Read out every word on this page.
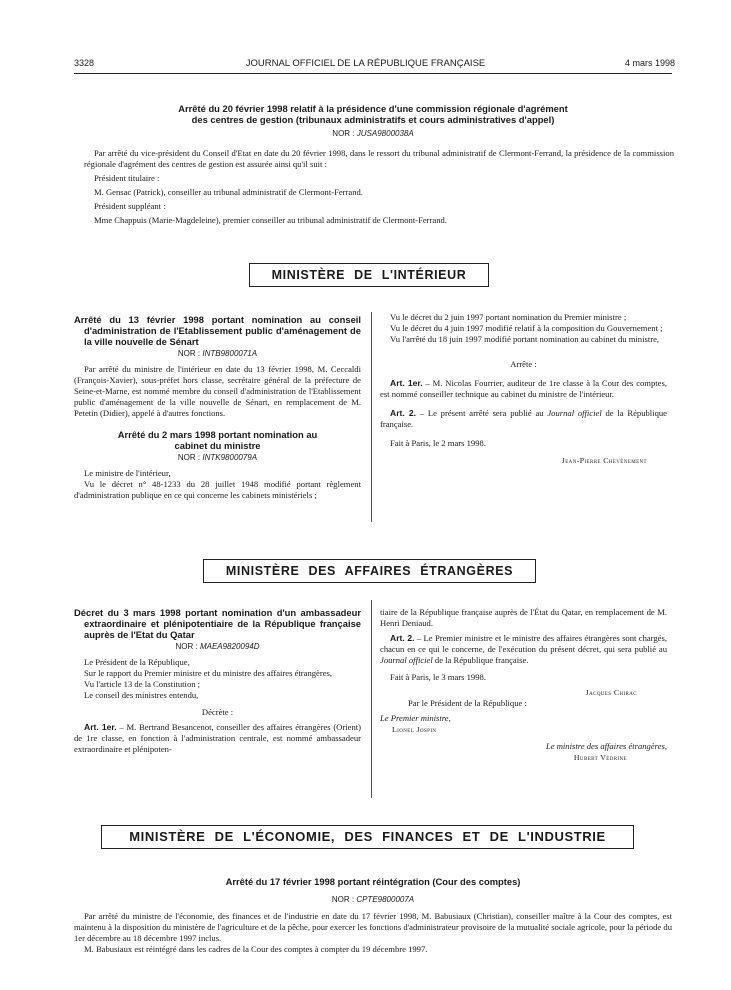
3328	JOURNAL OFFICIEL DE LA RÉPUBLIQUE FRANÇAISE	4 mars 1998
Arrêté du 20 février 1998 relatif à la présidence d'une commission régionale d'agrément
des centres de gestion (tribunaux administratifs et cours administratives d'appel)
NOR : JUSA9800038A

Par arrêté du vice-président du Conseil d'Etat en date du 20 février 1998, dans le ressort du tribunal administratif de Clermont-Ferrand, la présidence de la commission régionale d'agrément des centres de gestion est assurée ainsi qu'il suit :

Président titulaire :

M. Gensac (Patrick), conseiller au tribunal administratif de Clermont-Ferrand.

Président suppléant :

Mme Chappuis (Marie-Magdeleine), premier conseiller au tribunal administratif de Clermont-Ferrand.

MINISTÈRE DE L'INTÉRIEUR
Arrêté du 13 février 1998 portant nomination au conseil d'administration de l'Etablissement public d'aménagement de la ville nouvelle de Sénart
NOR : INTB9800071A

Par arrêté du ministre de l'intérieur en date du 13 février 1998, M. Ceccaldi (François-Xavier), sous-préfet hors classe, secrétaire général de la préfecture de Seine-et-Marne, est nommé membre du conseil d'administration de l'Etablissement public d'aménagement de la ville nouvelle de Sénart, en remplacement de M. Petetin (Didier), appelé à d'autres fonctions.

Arrêté du 2 mars 1998 portant nomination au cabinet du ministre
NOR : INTK9800079A

Le ministre de l'intérieur,

Vu le décret n° 48-1233 du 28 juillet 1948 modifié portant règlement d'administration publique en ce qui concerne les cabinets ministériels ;

Vu le décret du 2 juin 1997 portant nomination du Premier ministre ;

Vu le décret du 4 juin 1997 modifié relatif à la composition du Gouvernement ;

Vu l'arrêté du 18 juin 1997 modifié portant nomination au cabinet du ministre,

Arrête :

Art. 1er. – M. Nicolas Fourrier, auditeur de 1re classe à la Cour des comptes, est nommé conseiller technique au cabinet du ministre de l'intérieur.

Art. 2. – Le présent arrêté sera publié au Journal officiel de la République française.

Fait à Paris, le 2 mars 1998.

Jean-Pierre Chevènement

MINISTÈRE DES AFFAIRES ÉTRANGÈRES
Décret du 3 mars 1998 portant nomination d'un ambassadeur extraordinaire et plénipotentiaire de la République française auprès de l'Etat du Qatar
NOR : MAEA9820094D

Le Président de la République,

Sur le rapport du Premier ministre et du ministre des affaires étrangères,

Vu l'article 13 de la Constitution ;

Le conseil des ministres entendu,

Décrète :

Art. 1er. – M. Bertrand Besancenot, conseiller des affaires étrangères (Orient) de 1re classe, en fonction à l'administration centrale, est nommé ambassadeur extraordinaire et plénipoten-

tiaire de la République française auprès de l'État du Qatar, en remplacement de M. Henri Deniaud.

Art. 2. – Le Premier ministre et le ministre des affaires étrangères sont chargés, chacun en ce qui le concerne, de l'exécution du présent décret, qui sera publié au Journal officiel de la République française.

Fait à Paris, le 3 mars 1998.

Jacques Chirac

Par le Président de la République :

Le Premier ministre,

Lionel Jospin

Le ministre des affaires étrangères,

Hubert Védrine

MINISTÈRE DE L'ÉCONOMIE, DES FINANCES ET DE L'INDUSTRIE
Arrêté du 17 février 1998 portant réintégration (Cour des comptes)
NOR : CPTE9800007A

Par arrêté du ministre de l'économie, des finances et de l'industrie en date du 17 février 1998, M. Babusiaux (Christian), conseiller maître à la Cour des comptes, est maintenu à la disposition du ministère de l'agriculture et de la pêche, pour exercer les fonctions d'administrateur provisoire de la mutualité sociale agricole, pour la période du 1er décembre au 18 décembre 1997 inclus.

M. Babusiaux est réintégré dans les cadres de la Cour des comptes à compter du 19 décembre 1997.
